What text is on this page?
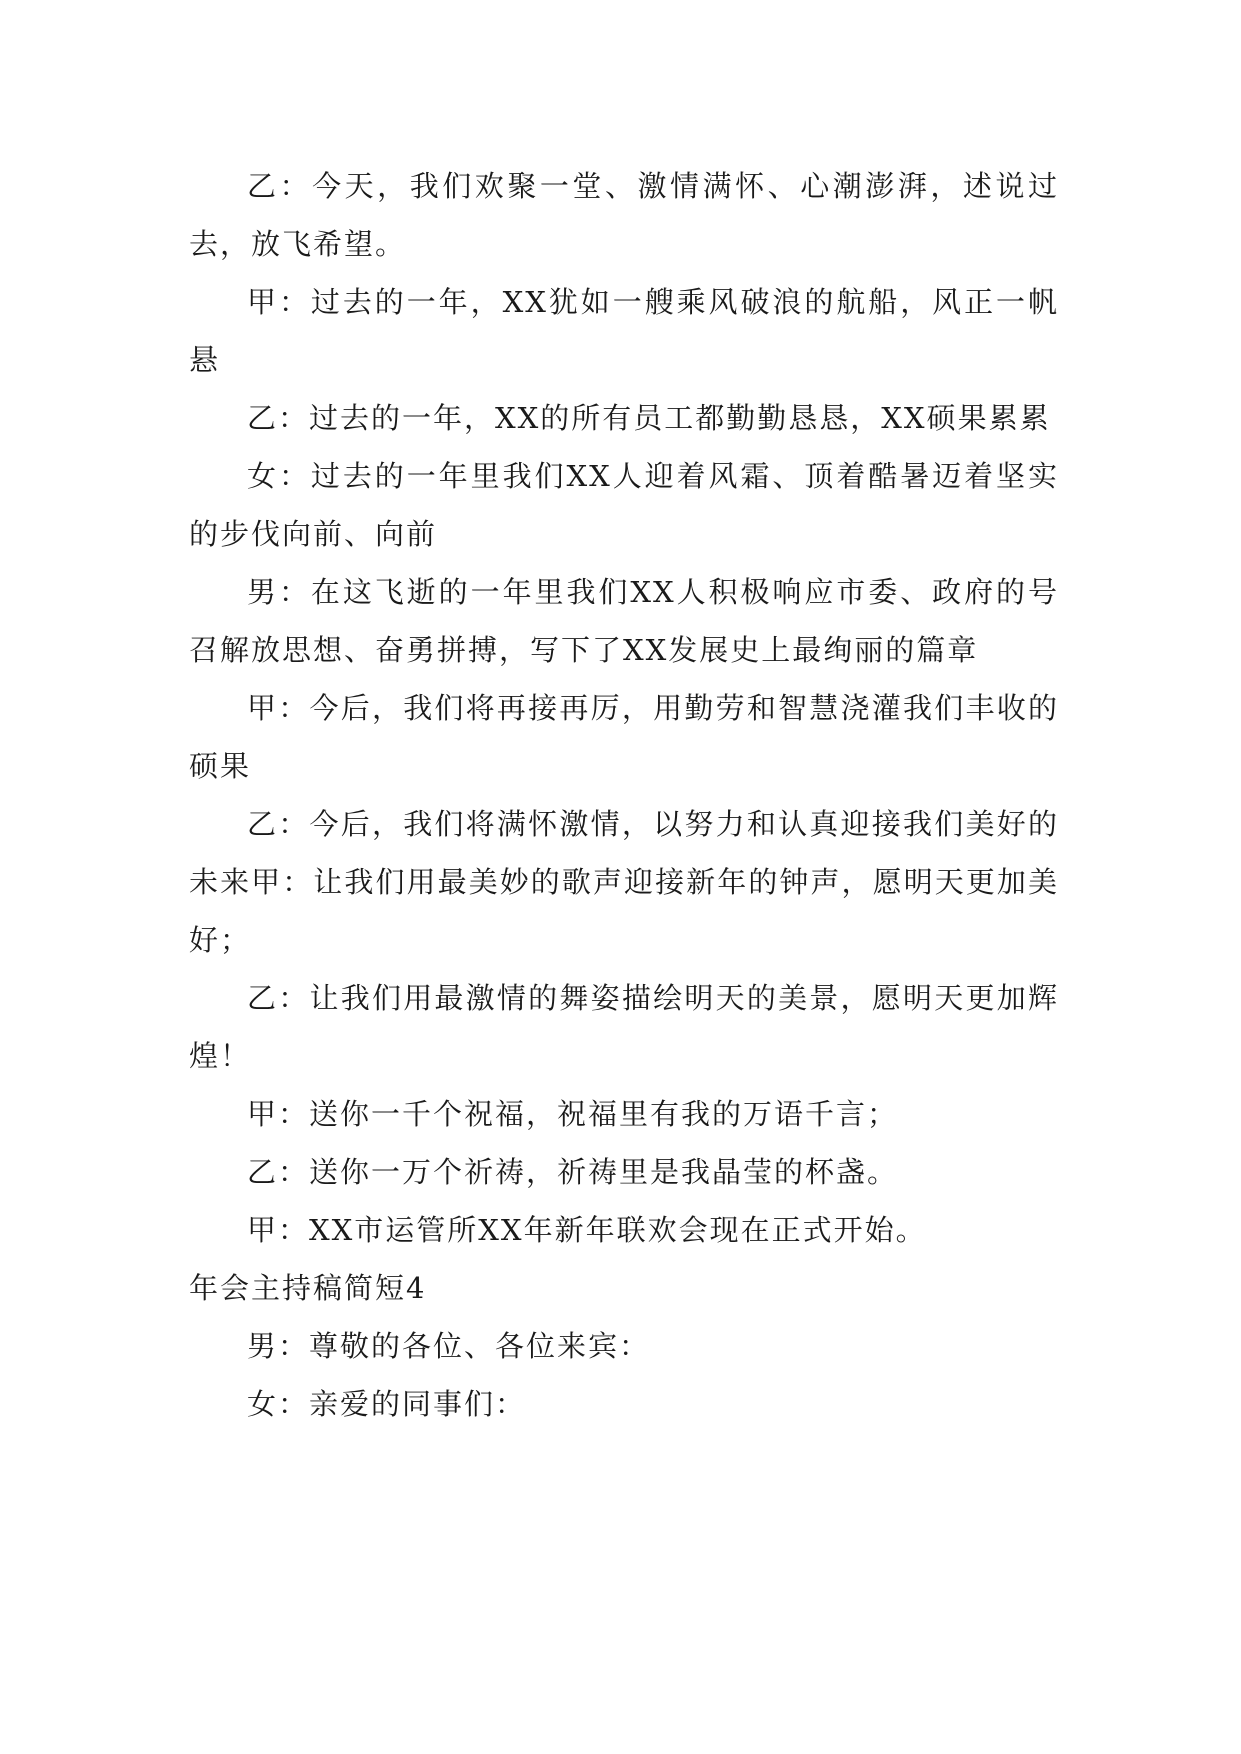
乙：今天，我们欢聚一堂、激情满怀、心潮澎湃，述说过去，放飞希望。

甲：过去的一年，XX犹如一艘乘风破浪的航船，风正一帆悬

乙：过去的一年，XX的所有员工都勤勤恳恳，XX硕果累累

女：过去的一年里我们XX人迎着风霜、顶着酷暑迈着坚实的步伐向前、向前

男：在这飞逝的一年里我们XX人积极响应市委、政府的号召解放思想、奋勇拼搏，写下了XX发展史上最绚丽的篇章

甲：今后，我们将再接再厉，用勤劳和智慧浇灌我们丰收的硕果

乙：今后，我们将满怀激情，以努力和认真迎接我们美好的未来甲：让我们用最美妙的歌声迎接新年的钟声，愿明天更加美好；

乙：让我们用最激情的舞姿描绘明天的美景，愿明天更加辉煌！

甲：送你一千个祝福，祝福里有我的万语千言；

乙：送你一万个祈祷，祈祷里是我晶莹的杯盏。

甲：XX市运管所XX年新年联欢会现在正式开始。

年会主持稿简短4

男：尊敬的各位、各位来宾：

女：亲爱的同事们：
